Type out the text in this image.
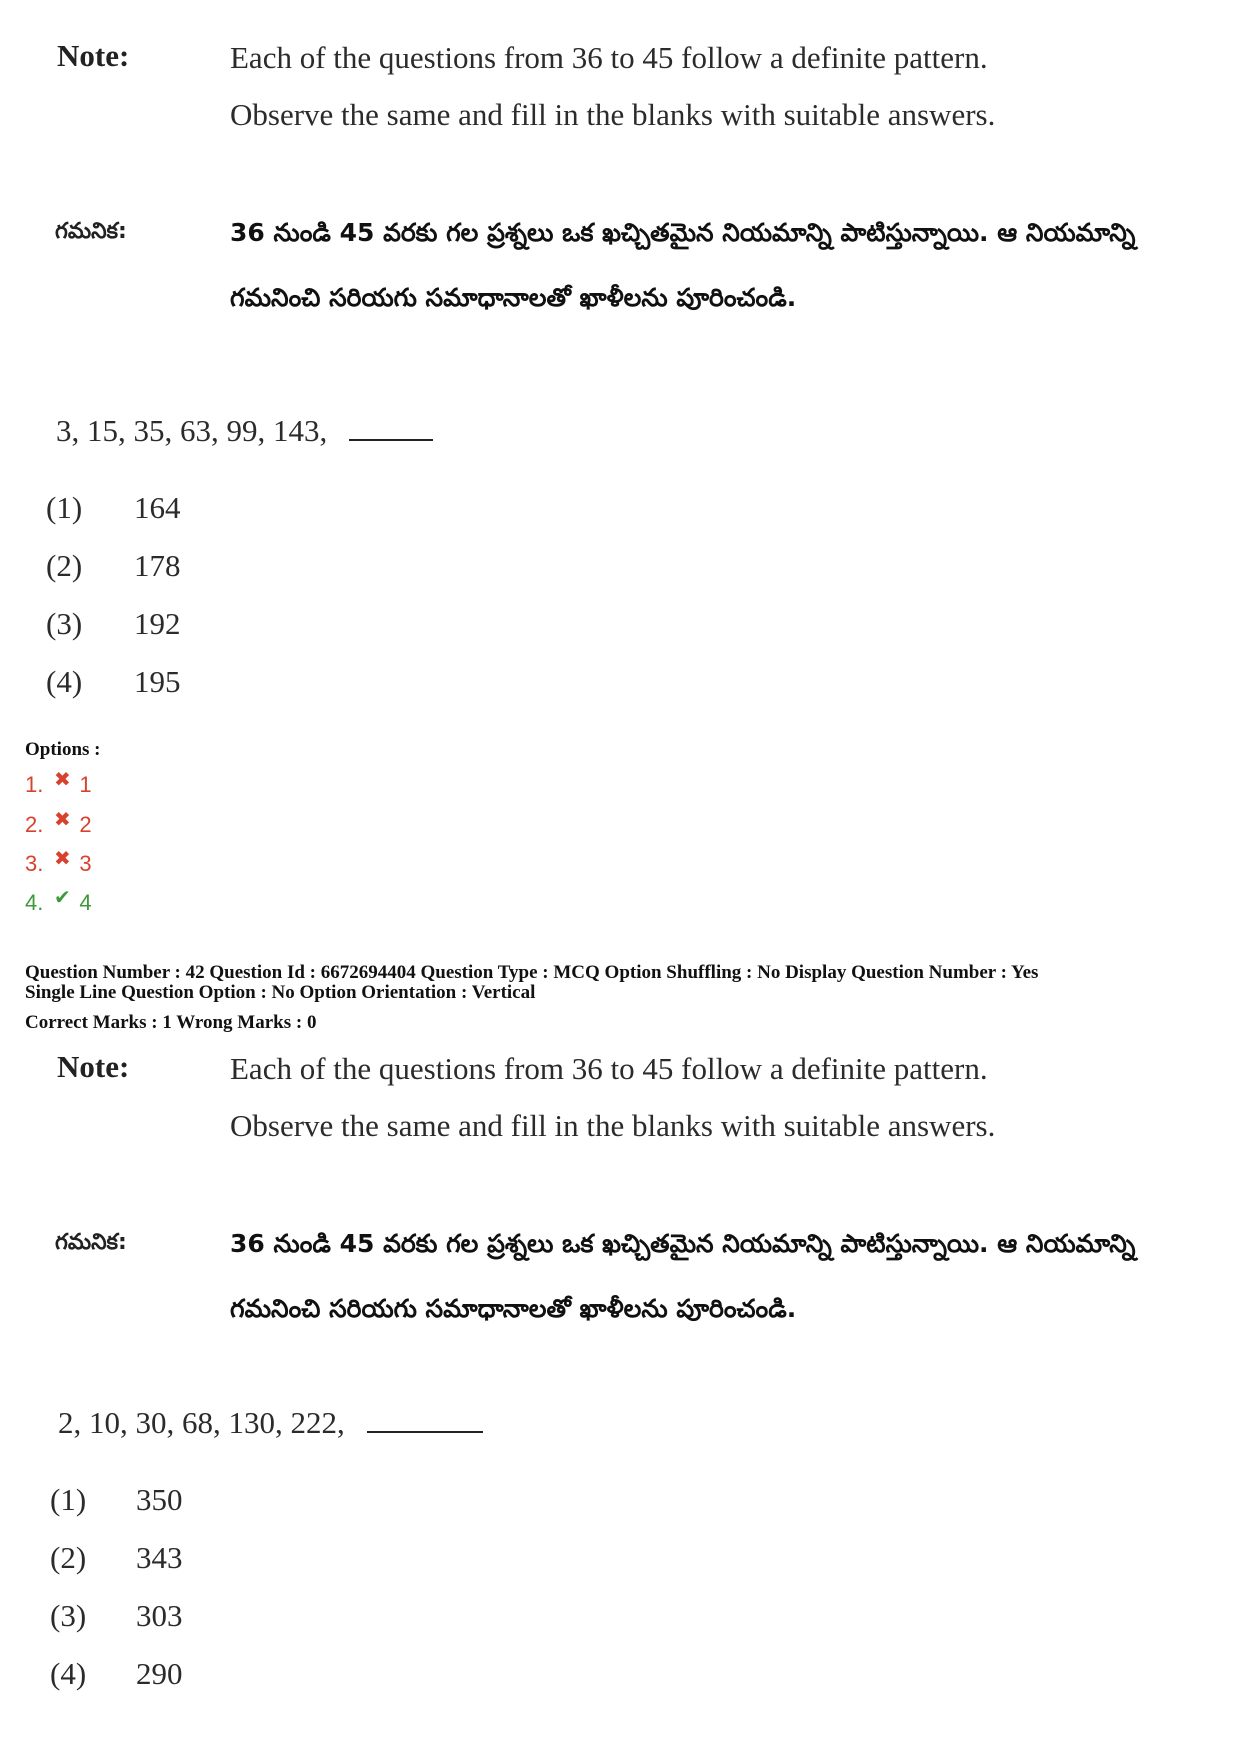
Note:	Each of the questions from 36 to 45 follow a definite pattern.
Observe the same and fill in the blanks with suitable answers.
గమనిక:	36 నుండి 45 వరకు గల ప్రశ్నలు ఒక ఖచ్చితమైన నియమాన్ని పాటిస్తున్నాయి. ఆ నియమాన్ని
గమనించి సరియగు సమాధానాలతో ఖాళీలను పూరించండి.
3, 15, 35, 63, 99, 143,
(1) 164
(2) 178
(3) 192
(4) 195
Options :
1. ✖ 1
2. ✖ 2
3. ✖ 3
4. ✔ 4
Question Number : 42 Question Id : 6672694404 Question Type : MCQ Option Shuffling : No Display Question Number : Yes
Single Line Question Option : No Option Orientation : Vertical
Correct Marks : 1 Wrong Marks : 0
Note:	Each of the questions from 36 to 45 follow a definite pattern.
Observe the same and fill in the blanks with suitable answers.
గమనిక:	36 నుండి 45 వరకు గల ప్రశ్నలు ఒక ఖచ్చితమైన నియమాన్ని పాటిస్తున్నాయి. ఆ నియమాన్ని
గమనించి సరియగు సమాధానాలతో ఖాళీలను పూరించండి.
2, 10, 30, 68, 130, 222,
(1) 350
(2) 343
(3) 303
(4) 290
